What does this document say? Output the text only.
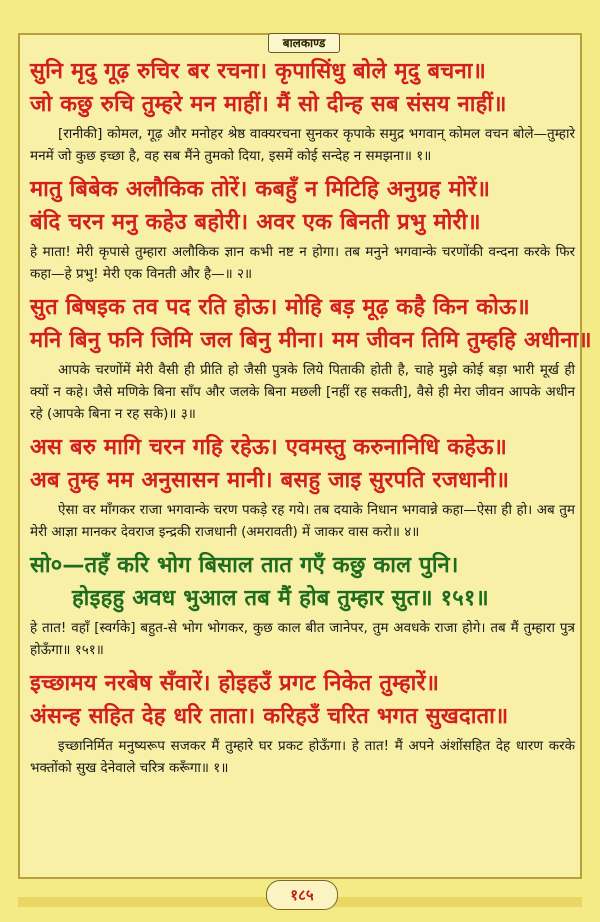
बालकाण्ड
सुनि मृदु गूढ़ रुचिर बर रचना। कृपासिंधु बोले मृदु बचना॥
जो कछु रुचि तुम्हरे मन माहीं। मैं सो दीन्ह सब संसय नाहीं॥
[रानीकी] कोमल, गूढ़ और मनोहर श्रेष्ठ वाक्यरचना सुनकर कृपाके समुद्र भगवान् कोमल वचन बोले—तुम्हारे मनमें जो कुछ इच्छा है, वह सब मैंने तुमको दिया, इसमें कोई सन्देह न समझना॥ १॥
मातु बिबेक अलौकिक तोरें। कबहुँ न मिटिहि अनुग्रह मोरें॥
बंदि चरन मनु कहेउ बहोरी। अवर एक बिनती प्रभु मोरी॥
हे माता! मेरी कृपासे तुम्हारा अलौकिक ज्ञान कभी नष्ट न होगा। तब मनुने भगवान्के चरणोंकी वन्दना करके फिर कहा—हे प्रभु! मेरी एक विनती और है—॥ २॥
सुत बिषइक तव पद रति होऊ। मोहि बड़ मूढ़ कहै किन कोऊ॥
मनि बिनु फनि जिमि जल बिनु मीना। मम जीवन तिमि तुम्हहि अधीना॥
आपके चरणोंमें मेरी वैसी ही प्रीति हो जैसी पुत्रके लिये पिताकी होती है, चाहे मुझे कोई बड़ा भारी मूर्ख ही क्यों न कहे। जैसे मणिके बिना साँप और जलके बिना मछली [नहीं रह सकती], वैसे ही मेरा जीवन आपके अधीन रहे (आपके बिना न रह सके)॥ ३॥
अस बरु मागि चरन गहि रहेऊ। एवमस्तु करुनानिधि कहेऊ॥
अब तुम्ह मम अनुसासन मानी। बसहु जाइ सुरपति रजधानी॥
ऐसा वर माँगकर राजा भगवान्के चरण पकड़े रह गये। तब दयाके निधान भगवान्ने कहा—ऐसा ही हो। अब तुम मेरी आज्ञा मानकर देवराज इन्द्रकी राजधानी (अमरावती) में जाकर वास करो॥ ४॥
सो०—तहँ करि भोग बिसाल तात गएँ कछु काल पुनि।
होइहहु अवध भुआल तब मैं होब तुम्हार सुत॥ १५१॥
हे तात! वहाँ [स्वर्गके] बहुत-से भोग भोगकर, कुछ काल बीत जानेपर, तुम अवधके राजा होगे। तब मैं तुम्हारा पुत्र होऊँगा॥ १५१॥
इच्छामय नरबेष सँवारें। होइहउँ प्रगट निकेत तुम्हारें॥
अंसन्ह सहित देह धरि ताता। करिहउँ चरित भगत सुखदाता॥
इच्छानिर्मित मनुष्यरूप सजकर मैं तुम्हारे घर प्रकट होऊँगा। हे तात! मैं अपने अंशोंसहित देह धारण करके भक्तोंको सुख देनेवाले चरित्र करूँगा॥ १॥
१८५
